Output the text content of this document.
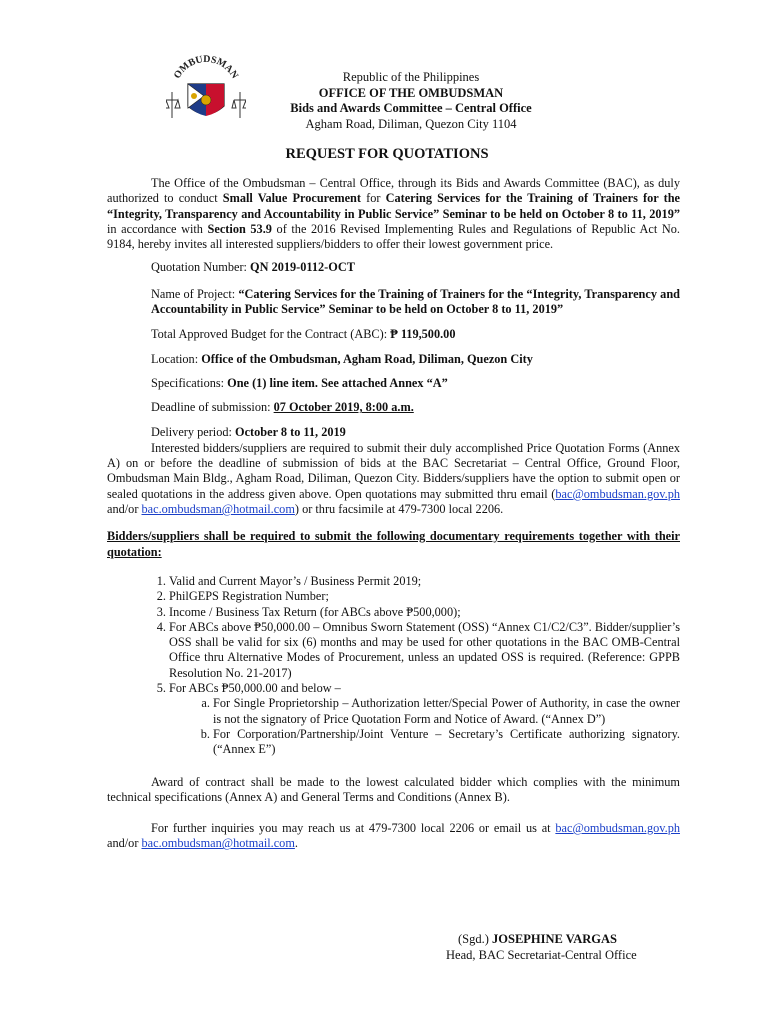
OMBUDSMAN	Republic of the Philippines
OFFICE OF THE OMBUDSMAN
Bids and Awards Committee – Central Office
Agham Road, Diliman, Quezon City 1104
REQUEST FOR QUOTATIONS

The Office of the Ombudsman – Central Office, through its Bids and Awards Committee (BAC), as duly authorized to conduct Small Value Procurement for Catering Services for the Training of Trainers for the “Integrity, Transparency and Accountability in Public Service” Seminar to be held on October 8 to 11, 2019” in accordance with Section 53.9 of the 2016 Revised Implementing Rules and Regulations of Republic Act No. 9184, hereby invites all interested suppliers/bidders to offer their lowest government price.

Quotation Number: QN 2019-0112-OCT

Name of Project: “Catering Services for the Training of Trainers for the “Integrity, Transparency and Accountability in Public Service” Seminar to be held on October 8 to 11, 2019”

Total Approved Budget for the Contract (ABC): ₱ 119,500.00

Location: Office of the Ombudsman, Agham Road, Diliman, Quezon City

Specifications: One (1) line item. See attached Annex “A”

Deadline of submission: 07 October 2019, 8:00 a.m.

Delivery period: October 8 to 11, 2019

Interested bidders/suppliers are required to submit their duly accomplished Price Quotation Forms (Annex A) on or before the deadline of submission of bids at the BAC Secretariat – Central Office, Ground Floor, Ombudsman Main Bldg., Agham Road, Diliman, Quezon City. Bidders/suppliers have the option to submit open or sealed quotations in the address given above. Open quotations may submitted thru email (bac@ombudsman.gov.ph and/or bac.ombudsman@hotmail.com) or thru facsimile at 479-7300 local 2206.

Bidders/suppliers shall be required to submit the following documentary requirements together with their quotation:

1. Valid and Current Mayor’s / Business Permit 2019;
2. PhilGEPS Registration Number;
3. Income / Business Tax Return (for ABCs above ₱500,000);
4. For ABCs above ₱50,000.00 – Omnibus Sworn Statement (OSS) “Annex C1/C2/C3”. Bidder/supplier’s OSS shall be valid for six (6) months and may be used for other quotations in the BAC OMB-Central Office thru Alternative Modes of Procurement, unless an updated OSS is required. (Reference: GPPB Resolution No. 21-2017)
5. For ABCs ₱50,000.00 and below –
a. For Single Proprietorship – Authorization letter/Special Power of Authority, in case the owner is not the signatory of Price Quotation Form and Notice of Award. (“Annex D”)
b. For Corporation/Partnership/Joint Venture – Secretary’s Certificate authorizing signatory. (“Annex E”)

Award of contract shall be made to the lowest calculated bidder which complies with the minimum technical specifications (Annex A) and General Terms and Conditions (Annex B).

For further inquiries you may reach us at 479-7300 local 2206 or email us at bac@ombudsman.gov.ph and/or bac.ombudsman@hotmail.com.

(Sgd.) JOSEPHINE VARGAS
Head, BAC Secretariat-Central Office
